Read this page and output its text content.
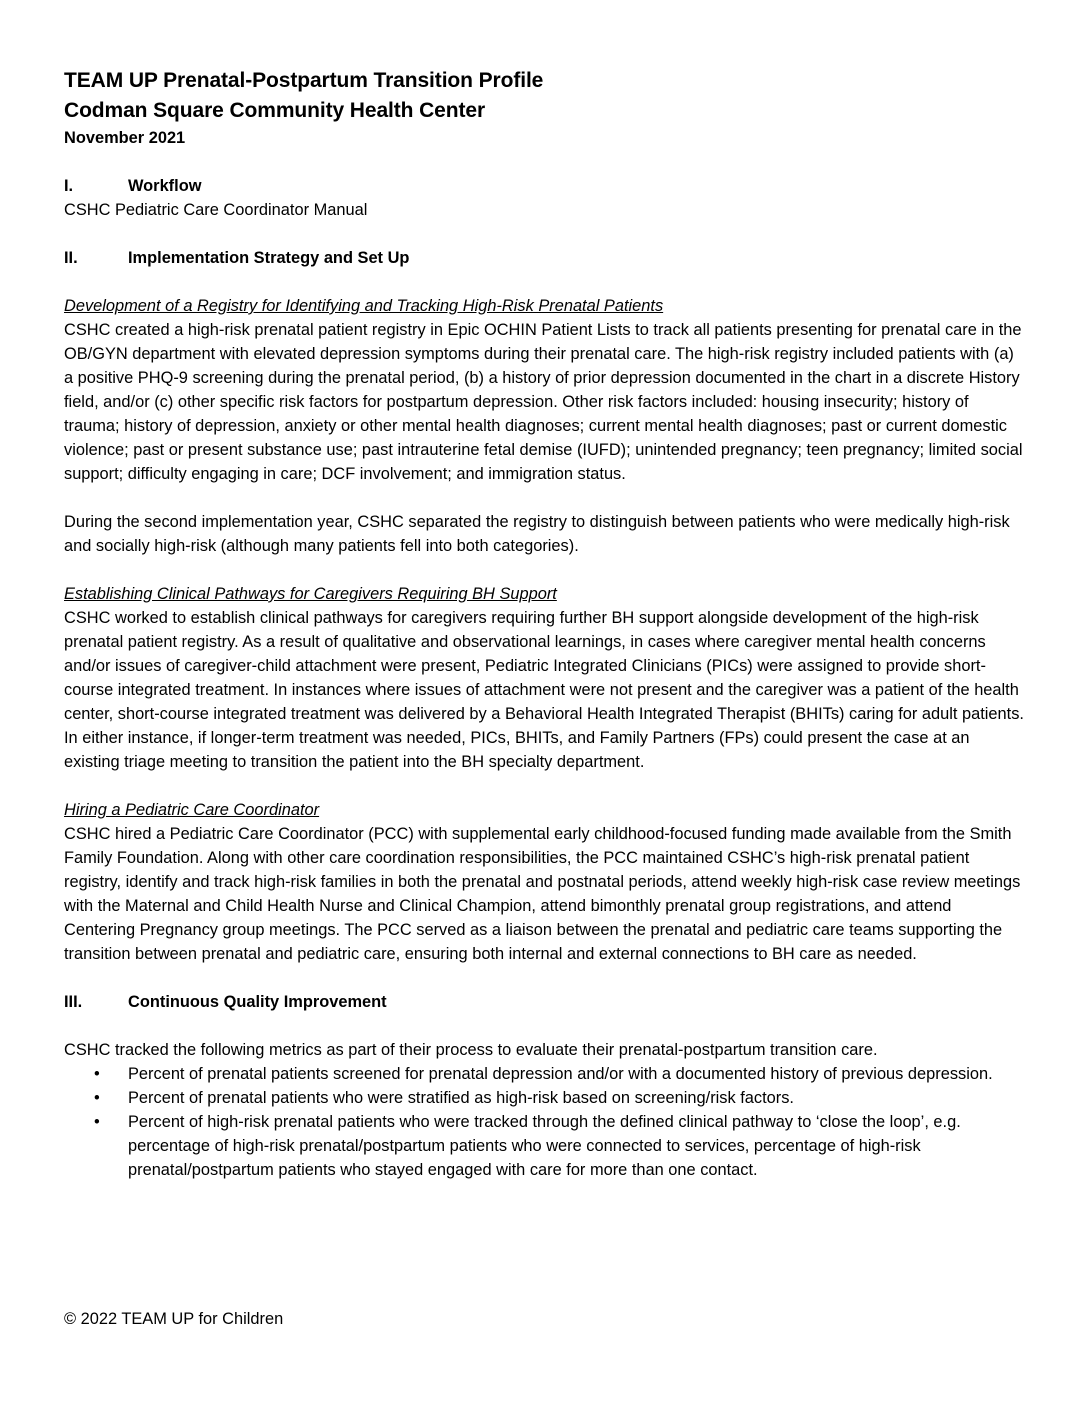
TEAM UP Prenatal-Postpartum Transition Profile
Codman Square Community Health Center

November 2021

I.	Workflow

CSHC Pediatric Care Coordinator Manual

II.	Implementation Strategy and Set Up

Development of a Registry for Identifying and Tracking High-Risk Prenatal Patients

CSHC created a high-risk prenatal patient registry in Epic OCHIN Patient Lists to track all patients presenting for prenatal care in the OB/GYN department with elevated depression symptoms during their prenatal care. The high-risk registry included patients with (a) a positive PHQ-9 screening during the prenatal period, (b) a history of prior depression documented in the chart in a discrete History field, and/or (c) other specific risk factors for postpartum depression. Other risk factors included: housing insecurity; history of trauma; history of depression, anxiety or other mental health diagnoses; current mental health diagnoses; past or current domestic violence; past or present substance use; past intrauterine fetal demise (IUFD); unintended pregnancy; teen pregnancy; limited social support; difficulty engaging in care; DCF involvement; and immigration status.

During the second implementation year, CSHC separated the registry to distinguish between patients who were medically high-risk and socially high-risk (although many patients fell into both categories).

Establishing Clinical Pathways for Caregivers Requiring BH Support

CSHC worked to establish clinical pathways for caregivers requiring further BH support alongside development of the high-risk prenatal patient registry. As a result of qualitative and observational learnings, in cases where caregiver mental health concerns and/or issues of caregiver-child attachment were present, Pediatric Integrated Clinicians (PICs) were assigned to provide short-course integrated treatment. In instances where issues of attachment were not present and the caregiver was a patient of the health center, short-course integrated treatment was delivered by a Behavioral Health Integrated Therapist (BHITs) caring for adult patients. In either instance, if longer-term treatment was needed, PICs, BHITs, and Family Partners (FPs) could present the case at an existing triage meeting to transition the patient into the BH specialty department.

Hiring a Pediatric Care Coordinator

CSHC hired a Pediatric Care Coordinator (PCC) with supplemental early childhood-focused funding made available from the Smith Family Foundation. Along with other care coordination responsibilities, the PCC maintained CSHC’s high-risk prenatal patient registry, identify and track high-risk families in both the prenatal and postnatal periods, attend weekly high-risk case review meetings with the Maternal and Child Health Nurse and Clinical Champion, attend bimonthly prenatal group registrations, and attend Centering Pregnancy group meetings. The PCC served as a liaison between the prenatal and pediatric care teams supporting the transition between prenatal and pediatric care, ensuring both internal and external connections to BH care as needed.

III.	Continuous Quality Improvement

CSHC tracked the following metrics as part of their process to evaluate their prenatal-postpartum transition care.

•	Percent of prenatal patients screened for prenatal depression and/or with a documented history of previous depression.
•	Percent of prenatal patients who were stratified as high-risk based on screening/risk factors.
•	Percent of high-risk prenatal patients who were tracked through the defined clinical pathway to ‘close the loop’, e.g. percentage of high-risk prenatal/postpartum patients who were connected to services, percentage of high-risk prenatal/postpartum patients who stayed engaged with care for more than one contact.
© 2022 TEAM UP for Children
